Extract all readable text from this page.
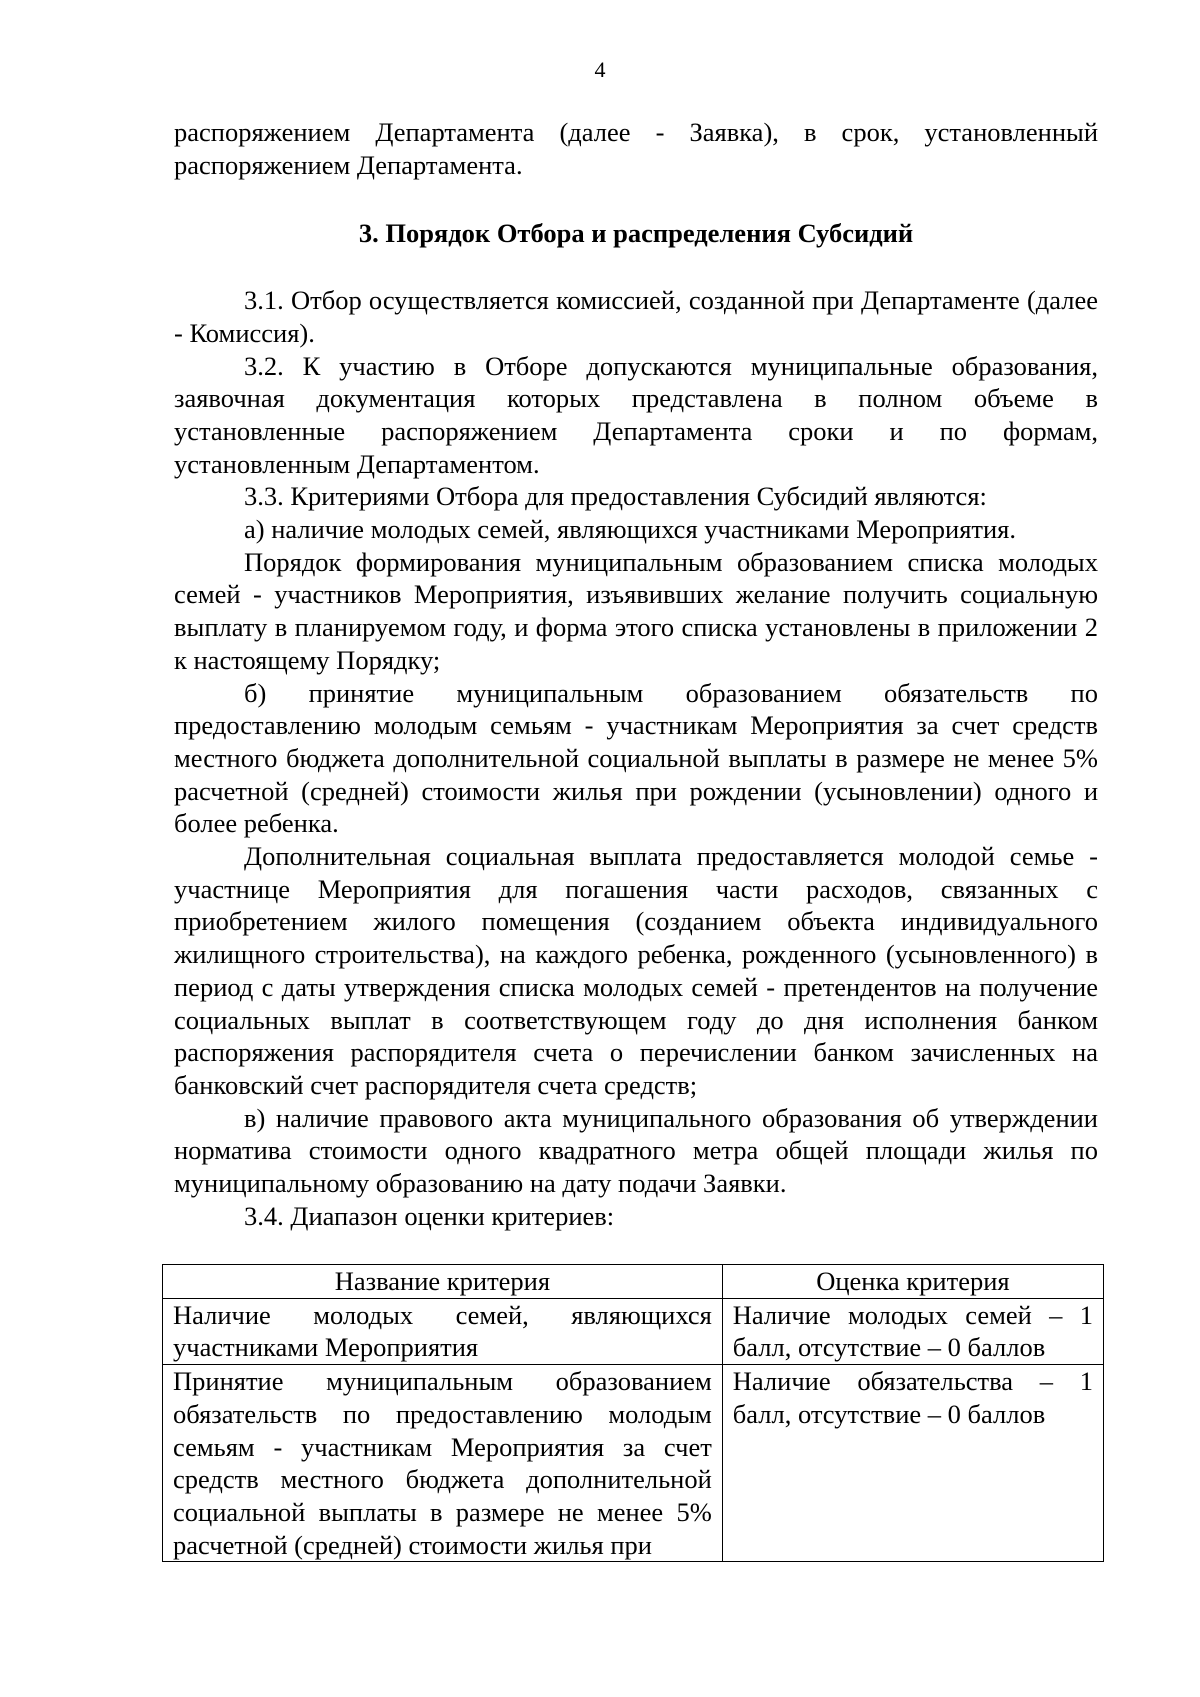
4

распоряжением Департамента (далее - Заявка), в срок, установленный распоряжением Департамента.

3. Порядок Отбора и распределения Субсидий

3.1. Отбор осуществляется комиссией, созданной при Департаменте (далее - Комиссия).

3.2. К участию в Отборе допускаются муниципальные образования, заявочная документация которых представлена в полном объеме в установленные распоряжением Департамента сроки и по формам, установленным Департаментом.

3.3. Критериями Отбора для предоставления Субсидий являются:

а) наличие молодых семей, являющихся участниками Мероприятия.

Порядок формирования муниципальным образованием списка молодых семей - участников Мероприятия, изъявивших желание получить социальную выплату в планируемом году, и форма этого списка установлены в приложении 2 к настоящему Порядку;

б) принятие муниципальным образованием обязательств по предоставлению молодым семьям - участникам Мероприятия за счет средств местного бюджета дополнительной социальной выплаты в размере не менее 5% расчетной (средней) стоимости жилья при рождении (усыновлении) одного и более ребенка.

Дополнительная социальная выплата предоставляется молодой семье - участнице Мероприятия для погашения части расходов, связанных с приобретением жилого помещения (созданием объекта индивидуального жилищного строительства), на каждого ребенка, рожденного (усыновленного) в период с даты утверждения списка молодых семей - претендентов на получение социальных выплат в соответствующем году до дня исполнения банком распоряжения распорядителя счета о перечислении банком зачисленных на банковский счет распорядителя счета средств;

в) наличие правового акта муниципального образования об утверждении норматива стоимости одного квадратного метра общей площади жилья по муниципальному образованию на дату подачи Заявки.

3.4. Диапазон оценки критериев:

Название критерия	Оценка критерия
Наличие молодых семей, являющихся участниками Мероприятия	Наличие молодых семей – 1 балл, отсутствие – 0 баллов
Принятие муниципальным образованием обязательств по предоставлению молодым семьям - участникам Мероприятия за счет средств местного бюджета дополнительной социальной выплаты в размере не менее 5% расчетной (средней) стоимости жилья при	Наличие обязательства – 1 балл, отсутствие – 0 баллов
